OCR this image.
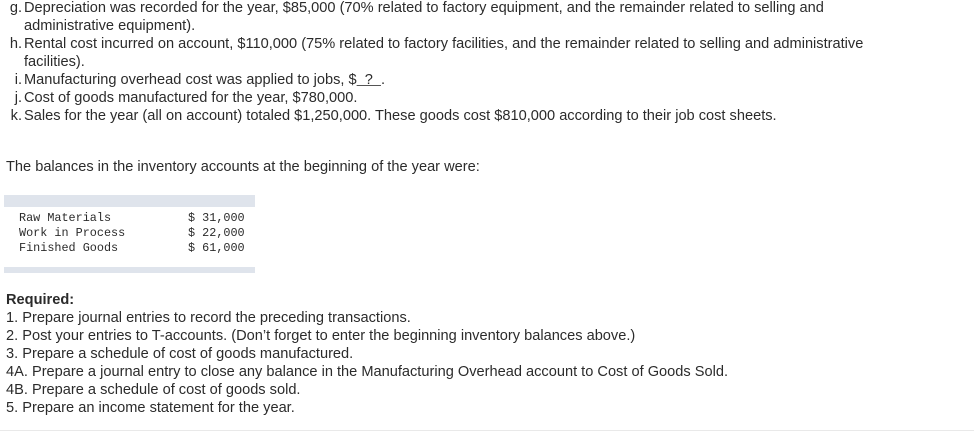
g. Depreciation was recorded for the year, $85,000 (70% related to factory equipment, and the remainder related to selling and
administrative equipment).
h. Rental cost incurred on account, $110,000 (75% related to factory facilities, and the remainder related to selling and administrative
facilities).
i. Manufacturing overhead cost was applied to jobs, $  ?  .
j. Cost of goods manufactured for the year, $780,000.
k. Sales for the year (all on account) totaled $1,250,000. These goods cost $810,000 according to their job cost sheets.
The balances in the inventory accounts at the beginning of the year were:
Raw Materials	$ 31,000
Work in Process	$ 22,000
Finished Goods	$ 61,000
Required:
1. Prepare journal entries to record the preceding transactions.
2. Post your entries to T-accounts. (Don’t forget to enter the beginning inventory balances above.)
3. Prepare a schedule of cost of goods manufactured.
4A. Prepare a journal entry to close any balance in the Manufacturing Overhead account to Cost of Goods Sold.
4B. Prepare a schedule of cost of goods sold.
5. Prepare an income statement for the year.
